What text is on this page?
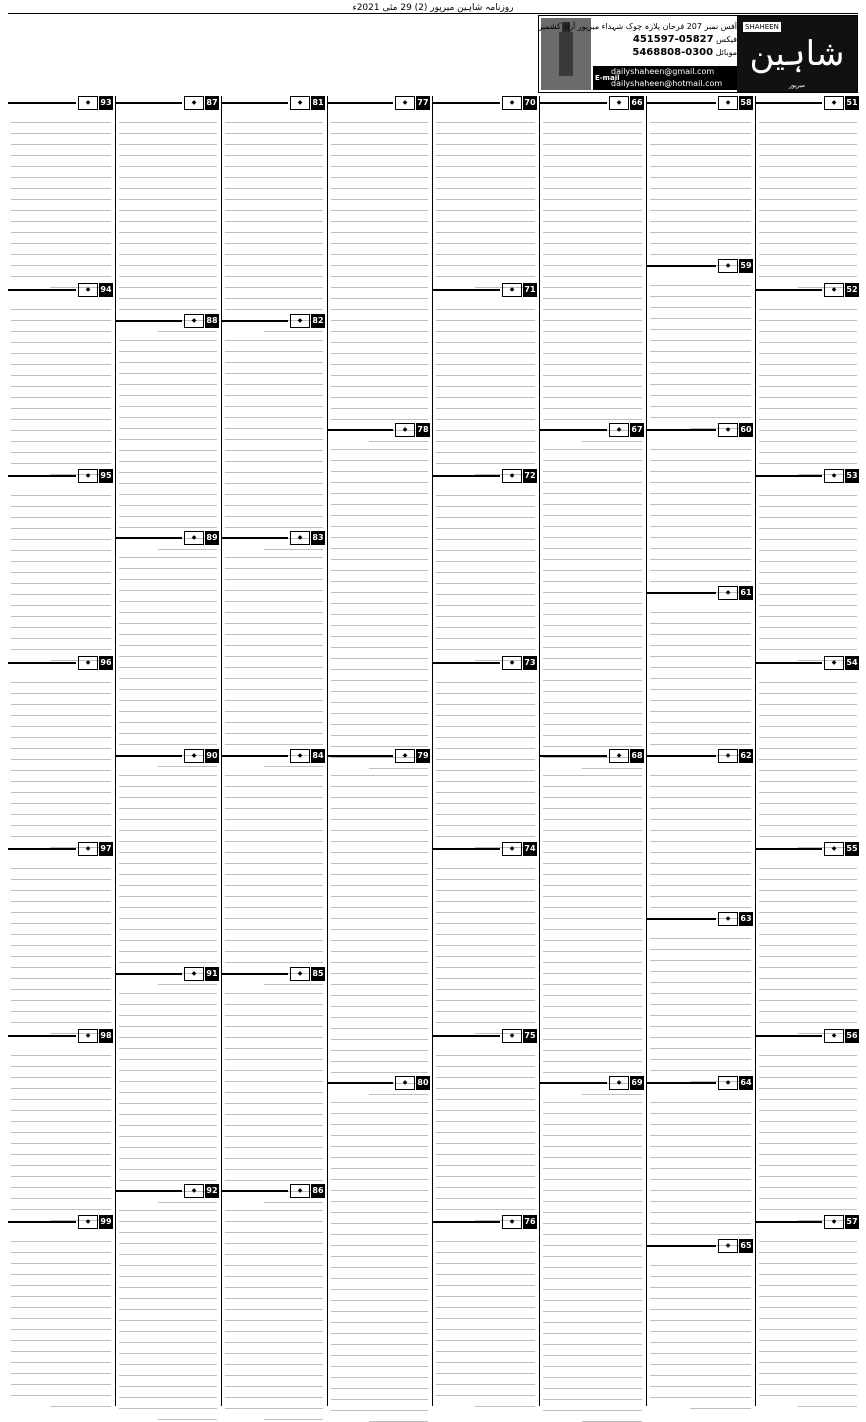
روزنامہ شاہین میرپور (2) 29 مئی 2021ء
آفس نمبر 207 فرحان پلازہ چوک شہداء میرپور آزاد کشمیر
فیکس 05827-451597
موبائل 0300-5468808
E-mail
dailyshaheen@gmail.com
dailyshaheen@hotmail.com
SHAHEEN
شاہین
میرپور
◆	51
◆	52
◆	53
◆	54
◆	55
◆	56
◆	57
◆	58
◆	59
◆	60
◆	61
◆	62
◆	63
◆	64
◆	65
◆	66
◆	67
◆	68
◆	69
◆	70
◆	71
◆	72
◆	73
◆	74
◆	75
◆	76
◆	77
◆	78
◆	79
◆	80
◆	81
◆	82
◆	83
◆	84
◆	85
◆	86
◆	87
◆	88
◆	89
◆	90
◆	91
◆	92
◆	93
◆	94
◆	95
◆	96
◆	97
◆	98
◆	99
